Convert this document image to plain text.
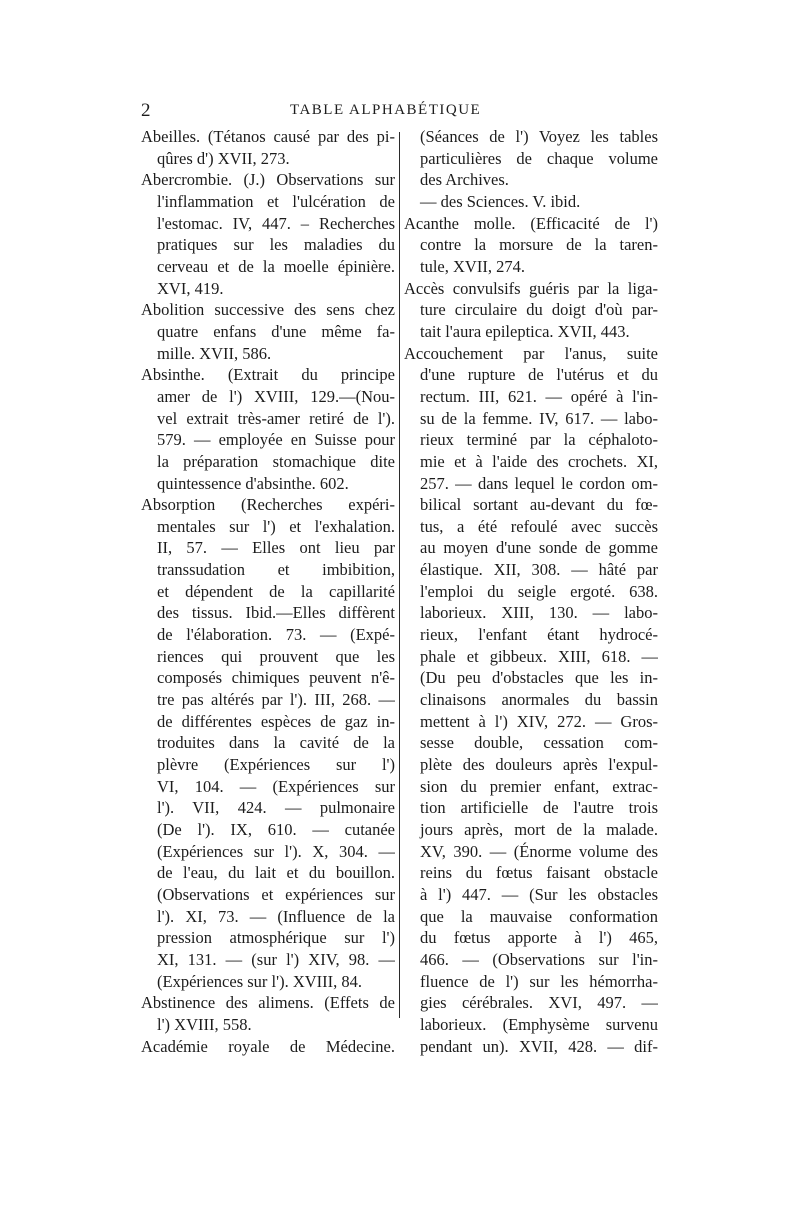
2	TABLE ALPHABÉTIQUE
Abeilles. (Tétanos causé par des pi-
qûres d') XVII, 273.
Abercrombie. (J.) Observations sur
l'inflammation et l'ulcération de
l'estomac. IV, 447. – Recherches
pratiques sur les maladies du
cerveau et de la moelle épinière.
XVI, 419.
Abolition successive des sens chez
quatre enfans d'une même fa-
mille. XVII, 586.
Absinthe. (Extrait du principe
amer de l') XVIII, 129.—(Nou-
vel extrait très-amer retiré de l').
579. — employée en Suisse pour
la préparation stomachique dite
quintessence d'absinthe. 602.
Absorption (Recherches expéri-
mentales sur l') et l'exhalation.
II, 57. — Elles ont lieu par
transsudation et imbibition,
et dépendent de la capillarité
des tissus. Ibid.—Elles diffèrent
de l'élaboration. 73. — (Expé-
riences qui prouvent que les
composés chimiques peuvent n'ê-
tre pas altérés par l'). III, 268. —
de différentes espèces de gaz in-
troduites dans la cavité de la
plèvre (Expériences sur l')
VI, 104. — (Expériences sur
l'). VII, 424. — pulmonaire
(De l'). IX, 610. — cutanée
(Expériences sur l'). X, 304. —
de l'eau, du lait et du bouillon.
(Observations et expériences sur
l'). XI, 73. — (Influence de la
pression atmosphérique sur l')
XI, 131. — (sur l') XIV, 98. —
(Expériences sur l'). XVIII, 84.
Abstinence des alimens. (Effets de
l') XVIII, 558.
Académie royale de Médecine.
(Séances de l') Voyez les tables
particulières de chaque volume
des Archives.
— des Sciences. V. ibid.
Acanthe molle. (Efficacité de l')
contre la morsure de la taren-
tule, XVII, 274.
Accès convulsifs guéris par la liga-
ture circulaire du doigt d'où par-
tait l'aura epileptica. XVII, 443.
Accouchement par l'anus, suite
d'une rupture de l'utérus et du
rectum. III, 621. — opéré à l'in-
su de la femme. IV, 617. — labo-
rieux terminé par la céphaloto-
mie et à l'aide des crochets. XI,
257. — dans lequel le cordon om-
bilical sortant au-devant du fœ-
tus, a été refoulé avec succès
au moyen d'une sonde de gomme
élastique. XII, 308. — hâté par
l'emploi du seigle ergoté. 638.
laborieux. XIII, 130. — labo-
rieux, l'enfant étant hydrocé-
phale et gibbeux. XIII, 618. —
(Du peu d'obstacles que les in-
clinaisons anormales du bassin
mettent à l') XIV, 272. — Gros-
sesse double, cessation com-
plète des douleurs après l'expul-
sion du premier enfant, extrac-
tion artificielle de l'autre trois
jours après, mort de la malade.
XV, 390. — (Énorme volume des
reins du fœtus faisant obstacle
à l') 447. — (Sur les obstacles
que la mauvaise conformation
du fœtus apporte à l') 465,
466. — (Observations sur l'in-
fluence de l') sur les hémorrha-
gies cérébrales. XVI, 497. —
laborieux. (Emphysème survenu
pendant un). XVII, 428. — dif-
